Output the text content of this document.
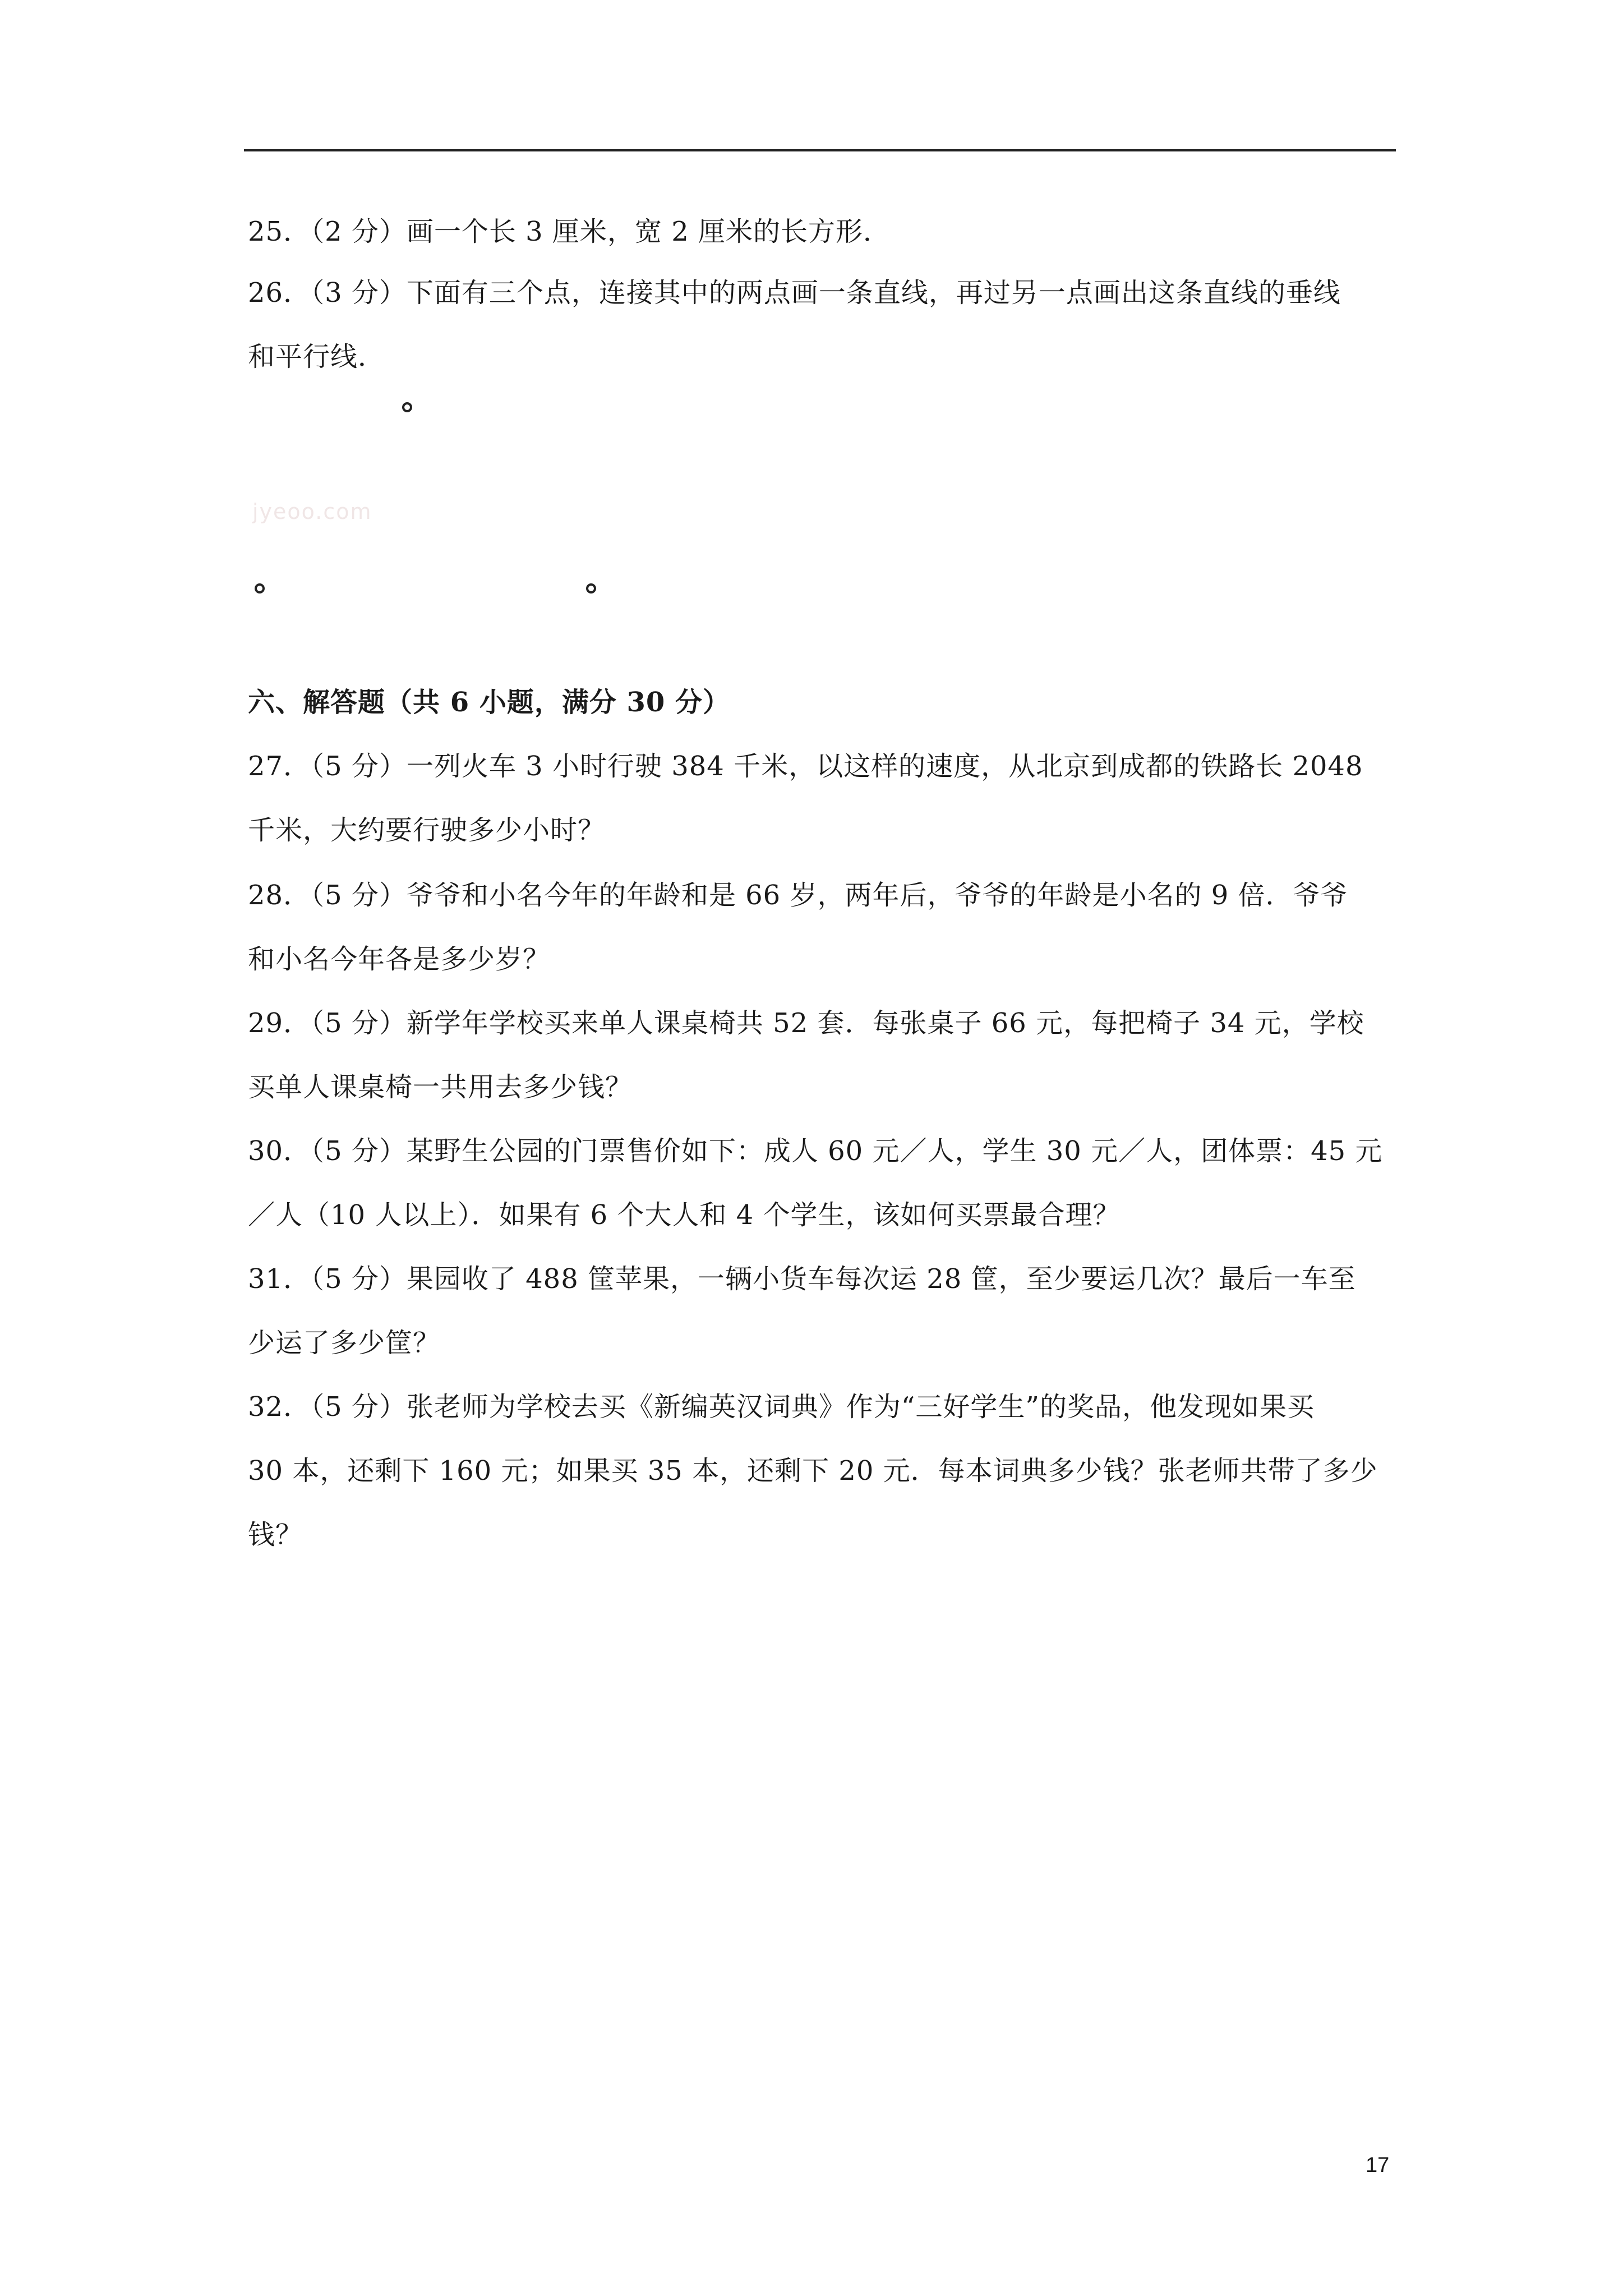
25．（2 分）画一个长 3 厘米，宽 2 厘米的长方形．
26．（3 分）下面有三个点，连接其中的两点画一条直线，再过另一点画出这条直线的垂线
和平行线．
jyeoo.com
六、解答题（共 6 小题，满分 30 分）
27．（5 分）一列火车 3 小时行驶 384 千米，以这样的速度，从北京到成都的铁路长 2048
千米，大约要行驶多少小时？
28．（5 分）爷爷和小名今年的年龄和是 66 岁，两年后，爷爷的年龄是小名的 9 倍．爷爷
和小名今年各是多少岁？
29．（5 分）新学年学校买来单人课桌椅共 52 套．每张桌子 66 元，每把椅子 34 元，学校
买单人课桌椅一共用去多少钱？
30．（5 分）某野生公园的门票售价如下：成人 60 元／人，学生 30 元／人，团体票：45 元
／人（10 人以上）．如果有 6 个大人和 4 个学生，该如何买票最合理？
31．（5 分）果园收了 488 筐苹果，一辆小货车每次运 28 筐，至少要运几次？最后一车至
少运了多少筐？
32．（5 分）张老师为学校去买《新编英汉词典》作为“三好学生”的奖品，他发现如果买
30 本，还剩下 160 元；如果买 35 本，还剩下 20 元．每本词典多少钱？张老师共带了多少
钱？
17
